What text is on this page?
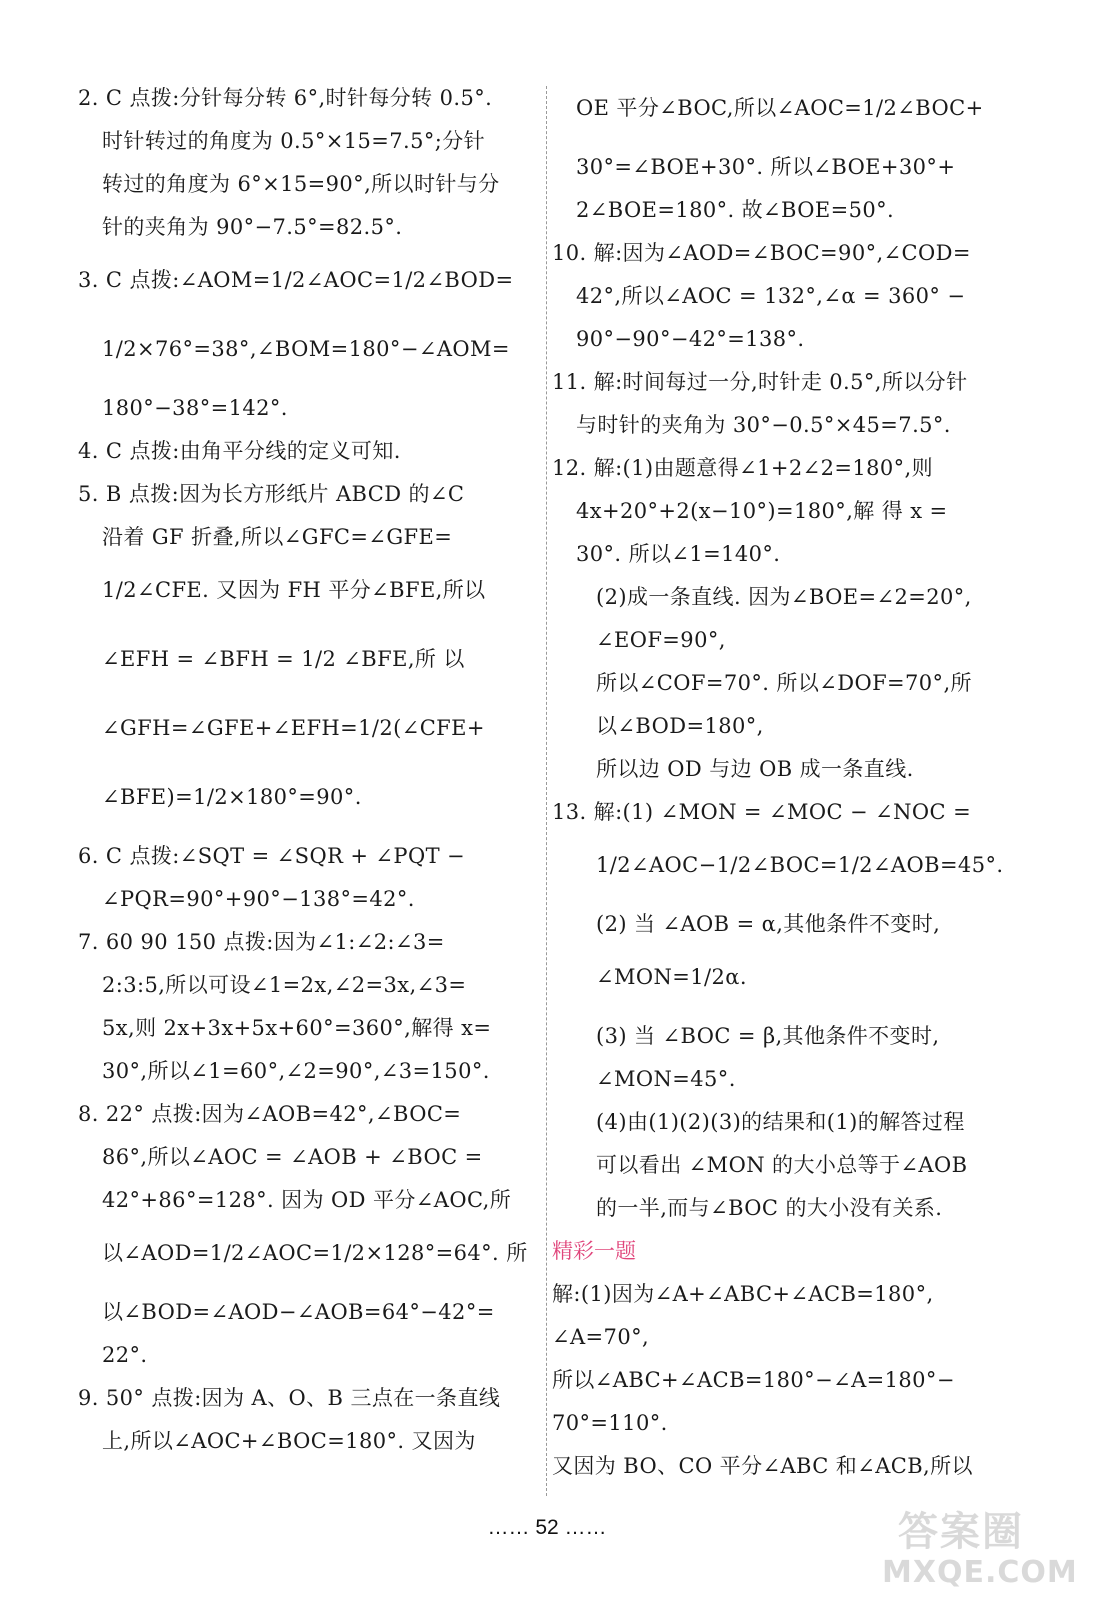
2. C 点拨:分针每分转 6°,时针每分转 0.5°.
时针转过的角度为 0.5°×15=7.5°;分针
转过的角度为 6°×15=90°,所以时针与分
针的夹角为 90°−7.5°=82.5°.
3. C 点拨:∠AOM=1/2∠AOC=1/2∠BOD=
1/2×76°=38°,∠BOM=180°−∠AOM=
180°−38°=142°.
4. C 点拨:由角平分线的定义可知.
5. B 点拨:因为长方形纸片 ABCD 的∠C
沿着 GF 折叠,所以∠GFC=∠GFE=
1/2∠CFE. 又因为 FH 平分∠BFE,所以
∠EFH = ∠BFH = 1/2 ∠BFE,所 以
∠GFH=∠GFE+∠EFH=1/2(∠CFE+
∠BFE)=1/2×180°=90°.
6. C 点拨:∠SQT = ∠SQR + ∠PQT −
∠PQR=90°+90°−138°=42°.
7. 60 90 150 点拨:因为∠1:∠2:∠3=
2:3:5,所以可设∠1=2x,∠2=3x,∠3=
5x,则 2x+3x+5x+60°=360°,解得 x=
30°,所以∠1=60°,∠2=90°,∠3=150°.
8. 22° 点拨:因为∠AOB=42°,∠BOC=
86°,所以∠AOC = ∠AOB + ∠BOC =
42°+86°=128°. 因为 OD 平分∠AOC,所
以∠AOD=1/2∠AOC=1/2×128°=64°. 所
以∠BOD=∠AOD−∠AOB=64°−42°=
22°.
9. 50° 点拨:因为 A、O、B 三点在一条直线
上,所以∠AOC+∠BOC=180°. 又因为
OE 平分∠BOC,所以∠AOC=1/2∠BOC+
30°=∠BOE+30°. 所以∠BOE+30°+
2∠BOE=180°. 故∠BOE=50°.
10. 解:因为∠AOD=∠BOC=90°,∠COD=
42°,所以∠AOC = 132°,∠α = 360° −
90°−90°−42°=138°.
11. 解:时间每过一分,时针走 0.5°,所以分针
与时针的夹角为 30°−0.5°×45=7.5°.
12. 解:(1)由题意得∠1+2∠2=180°,则
4x+20°+2(x−10°)=180°,解 得 x =
30°. 所以∠1=140°.
(2)成一条直线. 因为∠BOE=∠2=20°,
∠EOF=90°,
所以∠COF=70°. 所以∠DOF=70°,所
以∠BOD=180°,
所以边 OD 与边 OB 成一条直线.
13. 解:(1) ∠MON = ∠MOC − ∠NOC =
1/2∠AOC−1/2∠BOC=1/2∠AOB=45°.
(2) 当 ∠AOB = α,其他条件不变时,
∠MON=1/2α.
(3) 当 ∠BOC = β,其他条件不变时,
∠MON=45°.
(4)由(1)(2)(3)的结果和(1)的解答过程
可以看出 ∠MON 的大小总等于∠AOB
的一半,而与∠BOC 的大小没有关系.
精彩一题
解:(1)因为∠A+∠ABC+∠ACB=180°,
∠A=70°,
所以∠ABC+∠ACB=180°−∠A=180°−
70°=110°.
又因为 BO、CO 平分∠ABC 和∠ACB,所以
…… 52 ……	答案圈
MXQE.COM
